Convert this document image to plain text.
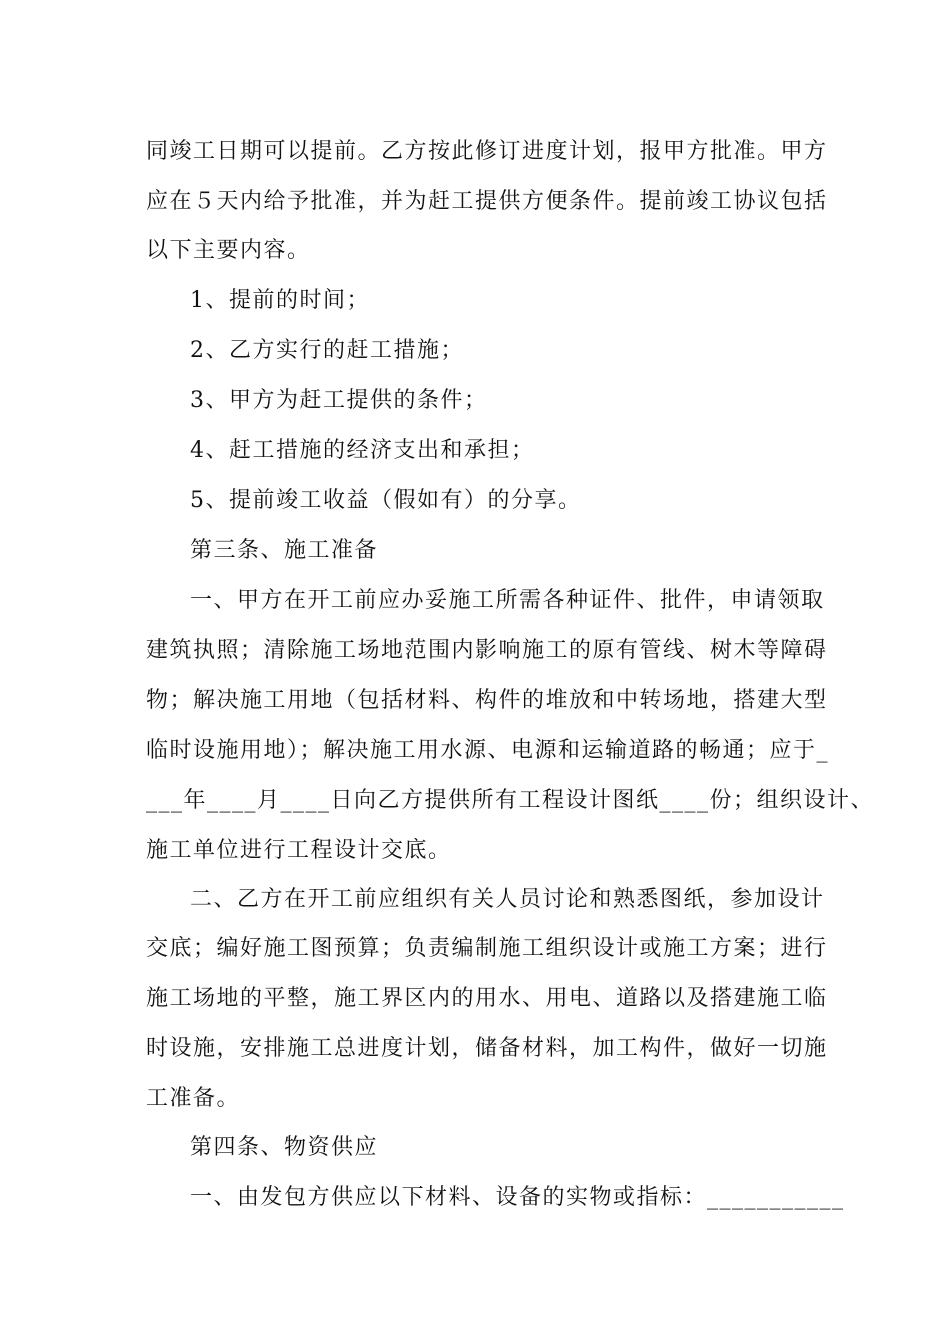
同竣工日期可以提前。乙方按此修订进度计划，报甲方批准。甲方
应在５天内给予批准，并为赶工提供方便条件。提前竣工协议包括
以下主要内容。
1、提前的时间；
2、乙方实行的赶工措施；
3、甲方为赶工提供的条件；
4、赶工措施的经济支出和承担；
5、提前竣工收益（假如有）的分享。
第三条、施工准备
一、甲方在开工前应办妥施工所需各种证件、批件，申请领取
建筑执照；清除施工场地范围内影响施工的原有管线、树木等障碍
物；解决施工用地（包括材料、构件的堆放和中转场地，搭建大型
临时设施用地）；解决施工用水源、电源和运输道路的畅通；应于_
___年____月____日向乙方提供所有工程设计图纸____份；组织设计、
施工单位进行工程设计交底。
二、乙方在开工前应组织有关人员讨论和熟悉图纸，参加设计
交底；编好施工图预算；负责编制施工组织设计或施工方案；进行
施工场地的平整，施工界区内的用水、用电、道路以及搭建施工临
时设施，安排施工总进度计划，储备材料，加工构件，做好一切施
工准备。
第四条、物资供应
一、由发包方供应以下材料、设备的实物或指标：___________
